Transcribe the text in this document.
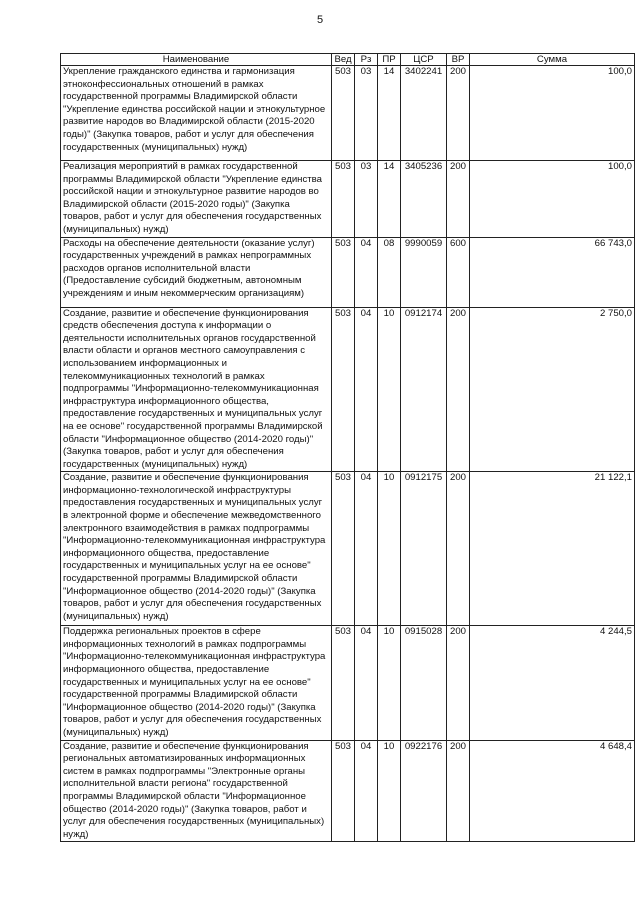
5
Наименование	Вед	Рз	ПР	ЦСР	ВР	Сумма
Укрепление гражданского единства и гармонизация этноконфессиональных отношений в рамках государственной программы Владимирской области "Укрепление единства российской нации и этнокультурное развитие народов во Владимирской области (2015-2020 годы)" (Закупка товаров, работ и услуг для обеспечения государственных (муниципальных) нужд)	503	03	14	3402241	200	100,0
Реализация мероприятий в рамках государственной программы Владимирской области "Укрепление единства российской нации и этнокультурное развитие народов во Владимирской области (2015-2020 годы)" (Закупка товаров, работ и услуг для обеспечения государственных (муниципальных) нужд)	503	03	14	3405236	200	100,0
Расходы на обеспечение деятельности (оказание услуг) государственных учреждений в рамках непрограммных расходов органов исполнительной власти (Предоставление субсидий бюджетным, автономным учреждениям и иным некоммерческим организациям)	503	04	08	9990059	600	66 743,0
Создание, развитие и обеспечение функционирования средств обеспечения доступа к информации о деятельности исполнительных органов государственной власти области и органов местного самоуправления с использованием информационных и телекоммуникационных технологий в рамках подпрограммы "Информационно-телекоммуникационная инфраструктура информационного общества, предоставление государственных и муниципальных услуг на ее основе" государственной программы Владимирской области "Информационное общество (2014-2020 годы)" (Закупка товаров, работ и услуг для обеспечения государственных (муниципальных) нужд)	503	04	10	0912174	200	2 750,0
Создание, развитие и обеспечение функционирования информационно-технологической инфраструктуры предоставления государственных и муниципальных услуг в электронной форме и обеспечение межведомственного электронного взаимодействия в рамках подпрограммы "Информационно-телекоммуникационная инфраструктура информационного общества, предоставление государственных и муниципальных услуг на ее основе" государственной программы Владимирской области "Информационное общество (2014-2020 годы)" (Закупка товаров, работ и услуг для обеспечения государственных (муниципальных) нужд)	503	04	10	0912175	200	21 122,1
Поддержка региональных проектов в сфере информационных технологий в рамках подпрограммы "Информационно-телекоммуникационная инфраструктура информационного общества, предоставление государственных и муниципальных услуг на ее основе" государственной программы Владимирской области "Информационное общество (2014-2020 годы)" (Закупка товаров, работ и услуг для обеспечения государственных (муниципальных) нужд)	503	04	10	0915028	200	4 244,5
Создание, развитие и обеспечение функционирования региональных автоматизированных информационных систем в рамках подпрограммы "Электронные органы исполнительной власти региона" государственной программы Владимирской области "Информационное общество (2014-2020 годы)" (Закупка товаров, работ и услуг для обеспечения государственных (муниципальных) нужд)	503	04	10	0922176	200	4 648,4
